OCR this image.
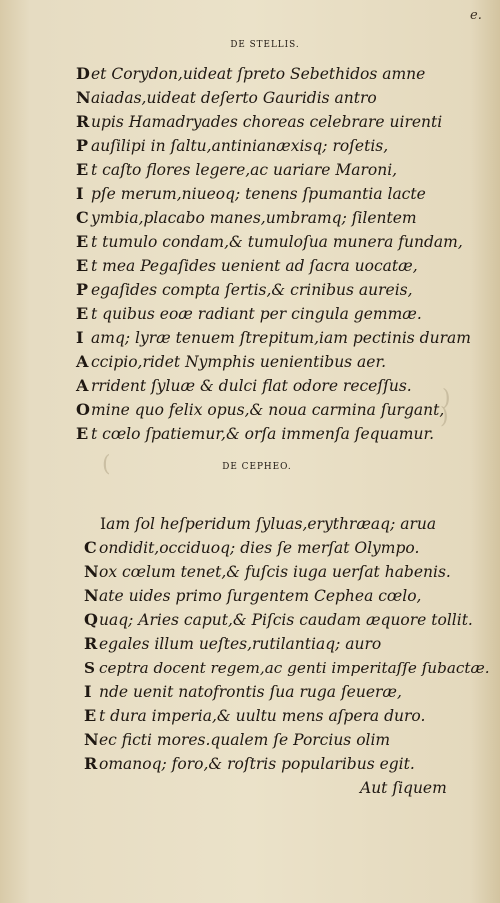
e.
(
)
)
DE STELLIS.
Det Corydon,uideat ſpreto Sebethidos amne
Naiadas,uideat deſerto Gauridis antro
R upis Hamadryades choreas celebrare uirenti
P auſilipi in ſaltu,antinianæxisq; roſetis,
E t caſto flores legere,ac uariare Maroni,
I pſe merum,niueoq; tenens ſpumantia lacte
C ymbia,placabo manes,umbramq; ſilentem
E t tumulo condam,& tumuloſua munera fundam,
E t mea Pegaſides uenient ad ſacra uocatæ,
P egaſides compta ſertis,& crinibus aureis,
E t quibus eoæ radiant per cingula gemmæ.
I amq; lyræ tenuem ſtrepitum,iam pectinis duram
A ccipio,ridet Nymphis uenientibus aer.
A rrident ſyluæ & dulci flat odore receſſus.
Omine quo felix opus,& noua carmina ſurgant,
E t cœlo ſpatiemur,& orſa immenſa ſequamur.
DE CEPHEO.
Iam ſol heſperidum ſyluas,erythræaq; arua
C ondidit,occiduoq; dies ſe merſat Olympo.
Nox cœlum tenet,& fuſcis iuga uerſat habenis.
Nate uides primo ſurgentem Cephea cœlo,
Quaq; Aries caput,& Piſcis caudam æquore tollit.
R egales illum ueſtes,rutilantiaq; auro
S ceptra docent regem,ac genti imperitaſſe ſubactæ.
I nde uenit natofrontis ſua ruga ſeueræ,
E t dura imperia,& uultu mens aſpera duro.
Nec ficti mores.qualem ſe Porcius olim
R omanoq; foro,& roſtris popularibus egit.
Aut ſiquem
